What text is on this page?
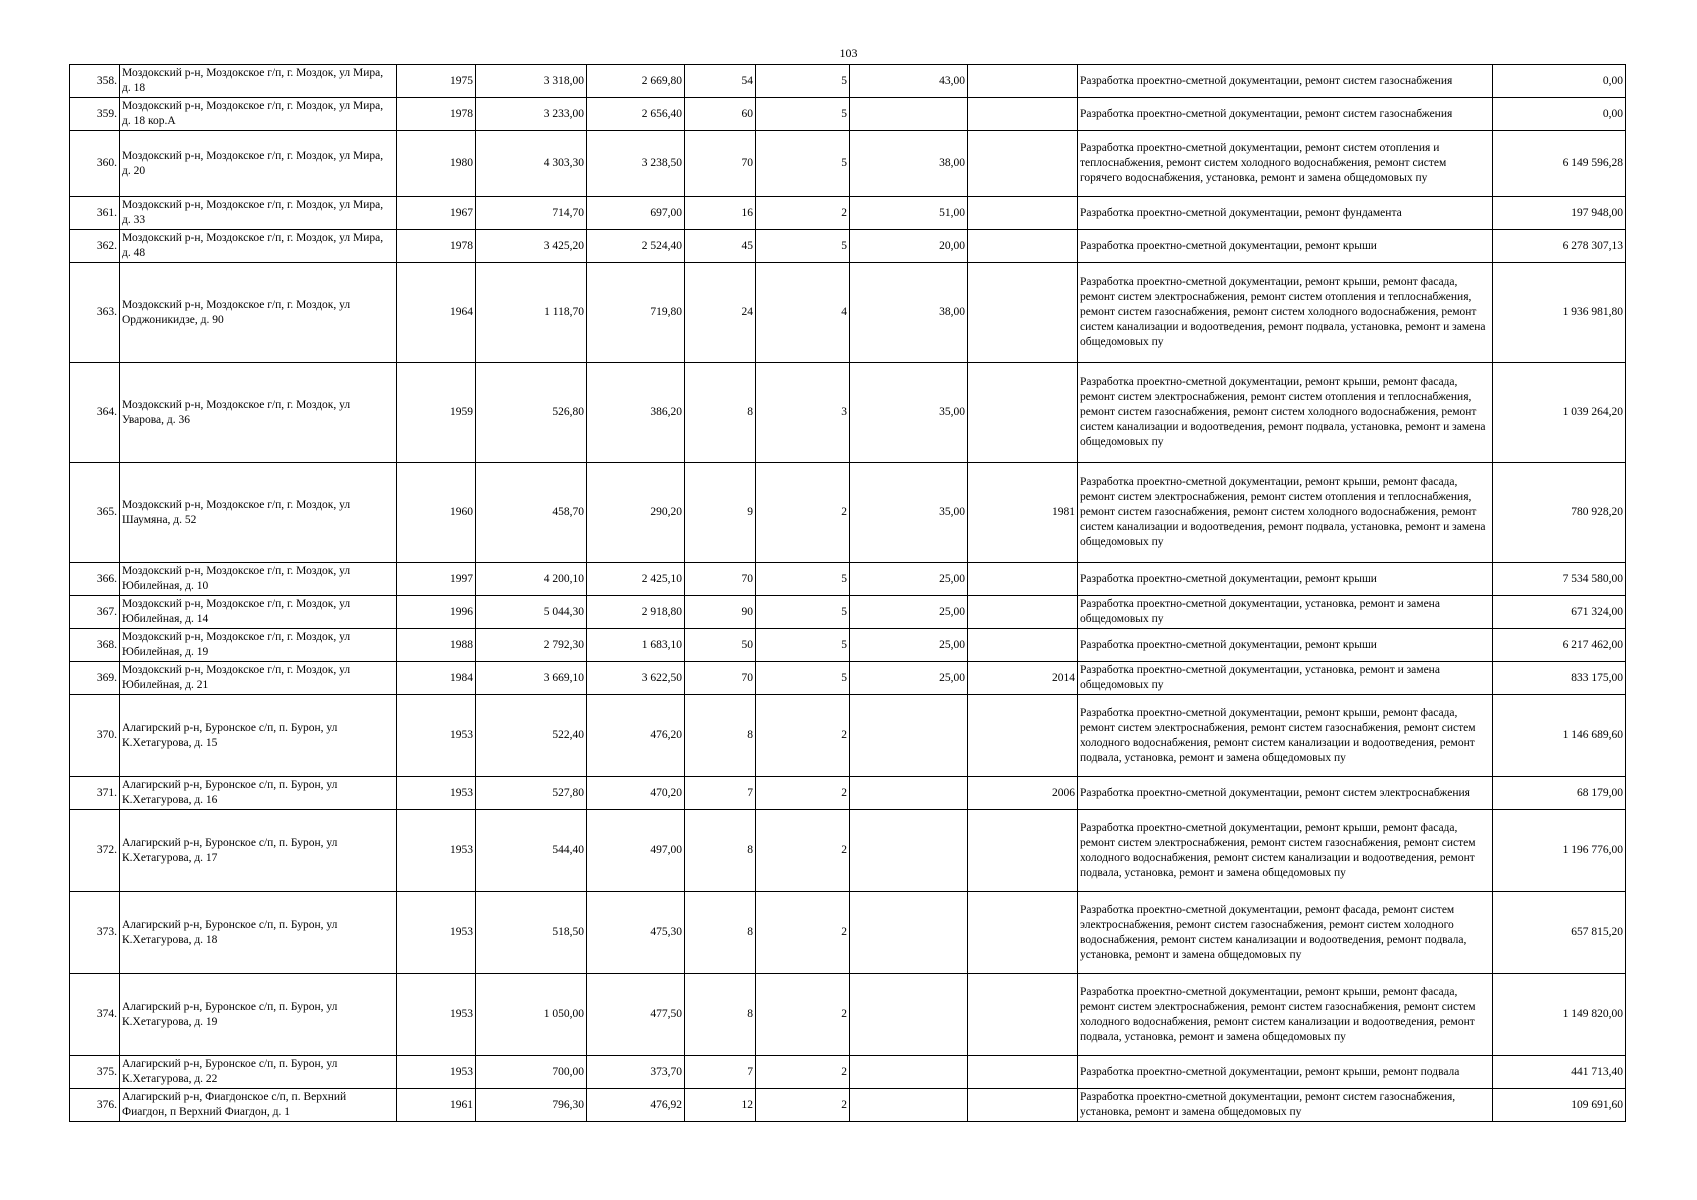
103
358.	Моздокский р-н, Моздокское г/п, г. Моздок, ул Мира, д. 18	1975	3 318,00	2 669,80	54	5	43,00		Разработка проектно-сметной документации, ремонт систем газоснабжения	0,00
359.	Моздокский р-н, Моздокское г/п, г. Моздок, ул Мира, д. 18 кор.А	1978	3 233,00	2 656,40	60	5			Разработка проектно-сметной документации, ремонт систем газоснабжения	0,00
360.	Моздокский р-н, Моздокское г/п, г. Моздок, ул Мира, д. 20	1980	4 303,30	3 238,50	70	5	38,00		Разработка проектно-сметной документации, ремонт систем отопления и теплоснабжения, ремонт систем холодного водоснабжения, ремонт систем горячего водоснабжения, установка, ремонт и замена общедомовых пу	6 149 596,28
361.	Моздокский р-н, Моздокское г/п, г. Моздок, ул Мира, д. 33	1967	714,70	697,00	16	2	51,00		Разработка проектно-сметной документации, ремонт фундамента	197 948,00
362.	Моздокский р-н, Моздокское г/п, г. Моздок, ул Мира, д. 48	1978	3 425,20	2 524,40	45	5	20,00		Разработка проектно-сметной документации, ремонт крыши	6 278 307,13
363.	Моздокский р-н, Моздокское г/п, г. Моздок, ул Орджоникидзе, д. 90	1964	1 118,70	719,80	24	4	38,00		Разработка проектно-сметной документации, ремонт крыши, ремонт фасада, ремонт систем электроснабжения, ремонт систем отопления и теплоснабжения, ремонт систем газоснабжения, ремонт систем холодного водоснабжения, ремонт систем канализации и водоотведения, ремонт подвала, установка, ремонт и замена общедомовых пу	1 936 981,80
364.	Моздокский р-н, Моздокское г/п, г. Моздок, ул Уварова, д. 36	1959	526,80	386,20	8	3	35,00		Разработка проектно-сметной документации, ремонт крыши, ремонт фасада, ремонт систем электроснабжения, ремонт систем отопления и теплоснабжения, ремонт систем газоснабжения, ремонт систем холодного водоснабжения, ремонт систем канализации и водоотведения, ремонт подвала, установка, ремонт и замена общедомовых пу	1 039 264,20
365.	Моздокский р-н, Моздокское г/п, г. Моздок, ул Шаумяна, д. 52	1960	458,70	290,20	9	2	35,00	1981	Разработка проектно-сметной документации, ремонт крыши, ремонт фасада, ремонт систем электроснабжения, ремонт систем отопления и теплоснабжения, ремонт систем газоснабжения, ремонт систем холодного водоснабжения, ремонт систем канализации и водоотведения, ремонт подвала, установка, ремонт и замена общедомовых пу	780 928,20
366.	Моздокский р-н, Моздокское г/п, г. Моздок, ул Юбилейная, д. 10	1997	4 200,10	2 425,10	70	5	25,00		Разработка проектно-сметной документации, ремонт крыши	7 534 580,00
367.	Моздокский р-н, Моздокское г/п, г. Моздок, ул Юбилейная, д. 14	1996	5 044,30	2 918,80	90	5	25,00		Разработка проектно-сметной документации, установка, ремонт и замена общедомовых пу	671 324,00
368.	Моздокский р-н, Моздокское г/п, г. Моздок, ул Юбилейная, д. 19	1988	2 792,30	1 683,10	50	5	25,00		Разработка проектно-сметной документации, ремонт крыши	6 217 462,00
369.	Моздокский р-н, Моздокское г/п, г. Моздок, ул Юбилейная, д. 21	1984	3 669,10	3 622,50	70	5	25,00	2014	Разработка проектно-сметной документации, установка, ремонт и замена общедомовых пу	833 175,00
370.	Алагирский р-н, Буронское с/п, п. Бурон, ул К.Хетагурова, д. 15	1953	522,40	476,20	8	2			Разработка проектно-сметной документации, ремонт крыши, ремонт фасада, ремонт систем электроснабжения, ремонт систем газоснабжения, ремонт систем холодного водоснабжения, ремонт систем канализации и водоотведения, ремонт подвала, установка, ремонт и замена общедомовых пу	1 146 689,60
371.	Алагирский р-н, Буронское с/п, п. Бурон, ул К.Хетагурова, д. 16	1953	527,80	470,20	7	2		2006	Разработка проектно-сметной документации, ремонт систем электроснабжения	68 179,00
372.	Алагирский р-н, Буронское с/п, п. Бурон, ул К.Хетагурова, д. 17	1953	544,40	497,00	8	2			Разработка проектно-сметной документации, ремонт крыши, ремонт фасада, ремонт систем электроснабжения, ремонт систем газоснабжения, ремонт систем холодного водоснабжения, ремонт систем канализации и водоотведения, ремонт подвала, установка, ремонт и замена общедомовых пу	1 196 776,00
373.	Алагирский р-н, Буронское с/п, п. Бурон, ул К.Хетагурова, д. 18	1953	518,50	475,30	8	2			Разработка проектно-сметной документации, ремонт фасада, ремонт систем электроснабжения, ремонт систем газоснабжения, ремонт систем холодного водоснабжения, ремонт систем канализации и водоотведения, ремонт подвала, установка, ремонт и замена общедомовых пу	657 815,20
374.	Алагирский р-н, Буронское с/п, п. Бурон, ул К.Хетагурова, д. 19	1953	1 050,00	477,50	8	2			Разработка проектно-сметной документации, ремонт крыши, ремонт фасада, ремонт систем электроснабжения, ремонт систем газоснабжения, ремонт систем холодного водоснабжения, ремонт систем канализации и водоотведения, ремонт подвала, установка, ремонт и замена общедомовых пу	1 149 820,00
375.	Алагирский р-н, Буронское с/п, п. Бурон, ул К.Хетагурова, д. 22	1953	700,00	373,70	7	2			Разработка проектно-сметной документации, ремонт крыши, ремонт подвала	441 713,40
376.	Алагирский р-н, Фиагдонское с/п, п. Верхний Фиагдон, п Верхний Фиагдон, д. 1	1961	796,30	476,92	12	2			Разработка проектно-сметной документации, ремонт систем газоснабжения, установка, ремонт и замена общедомовых пу	109 691,60
